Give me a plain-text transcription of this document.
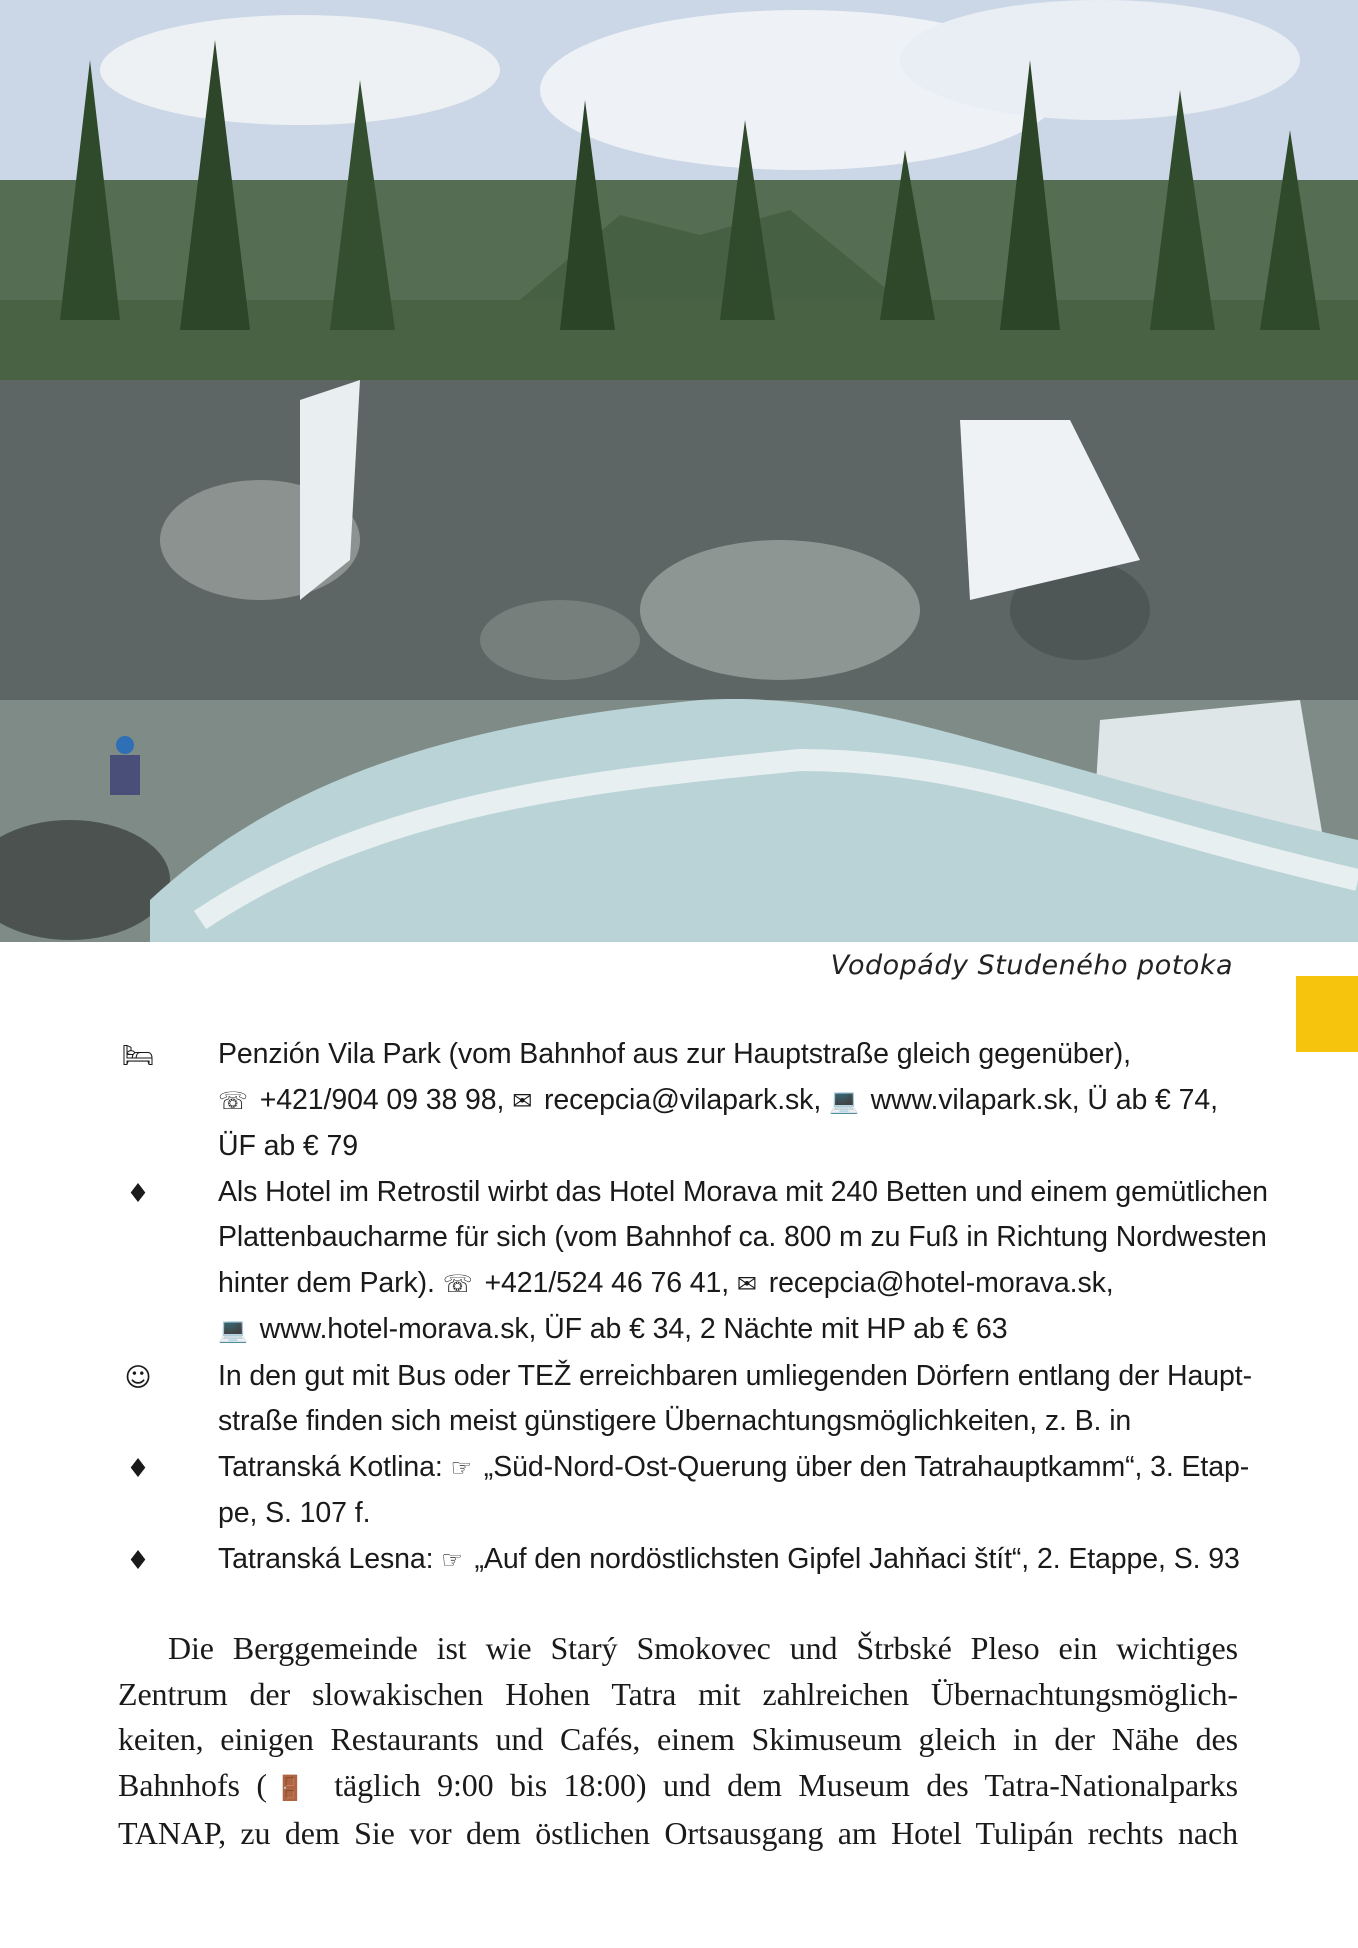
Vodopády Studeného potoka
🛏 Penzión Vila Park (vom Bahnhof aus zur Hauptstraße gleich gegenüber),
☏ +421/904 09 38 98, ✉ recepcia@vilapark.sk, 💻 www.vilapark.sk, Ü ab € 74,
ÜF ab € 79
♦ Als Hotel im Retrostil wirbt das Hotel Morava mit 240 Betten und einem gemütlichen
Plattenbaucharme für sich (vom Bahnhof ca. 800 m zu Fuß in Richtung Nordwesten
hinter dem Park). ☏ +421/524 46 76 41, ✉ recepcia@hotel-morava.sk,
💻 www.hotel-morava.sk, ÜF ab € 34, 2 Nächte mit HP ab € 63
☺ In den gut mit Bus oder TEŽ erreichbaren umliegenden Dörfern entlang der Haupt-
straße finden sich meist günstigere Übernachtungsmöglichkeiten, z. B. in
♦ Tatranská Kotlina: ☞ „Süd-Nord-Ost-Querung über den Tatrahauptkamm“, 3. Etap-
pe, S. 107 f.
♦ Tatranská Lesna: ☞ „Auf den nordöstlichsten Gipfel Jahňaci štít“, 2. Etappe, S. 93
Die Berggemeinde ist wie Starý Smokovec und Štrbské Pleso ein wichtiges
Zentrum der slowakischen Hohen Tatra mit zahlreichen Übernachtungsmöglich-
keiten, einigen Restaurants und Cafés, einem Skimuseum gleich in der Nähe des
Bahnhofs (🚪 täglich 9:00 bis 18:00) und dem Museum des Tatra-Nationalparks
TANAP, zu dem Sie vor dem östlichen Ortsausgang am Hotel Tulipán rechts nach
